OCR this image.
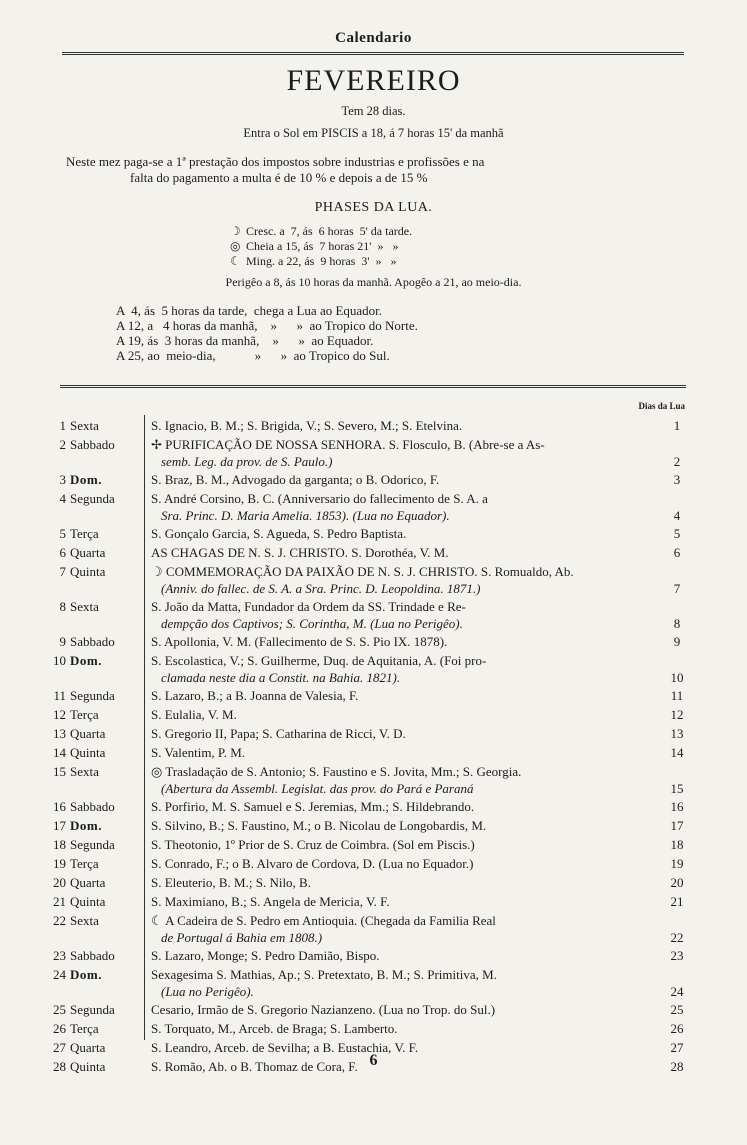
Calendario
FEVEREIRO
Tem 28 dias.
Entra o Sol em PISCIS a 18, á 7 horas 15' da manhã
Neste mez paga-se a 1ª prestação dos impostos sobre industrias e profissões e na
falta do pagamento a multa é de 10 % e depois a de 15 %
PHASES DA LUA.
☽ Cresc. a  7, ás  6 horas  5' da tarde.
◎ Cheia a 15, ás  7 horas 21'  »   »
☾ Ming. a 22, ás  9 horas  3'  »   »
Perigêo a 8, ás 10 horas da manhã. Apogêo a 21, ao meio-dia.
A  4, ás  5 horas da tarde,  chega a Lua ao Equador.
A 12, a   4 horas da manhã,    »      »  ao Tropico do Norte.
A 19, ás  3 horas da manhã,    »      »  ao Equador.
A 25, ao  meio-dia,            »      »  ao Tropico do Sul.
Dias da Lua
1 Sexta	S. Ignacio, B. M.; S. Brigida, V.; S. Severo, M.; S. Etelvina.	1
2 Sabbado	✢ PURIFICAÇÃO DE NOSSA SENHORA. S. Flosculo, B. (Abre-se a As-
semb. Leg. da prov. de S. Paulo.)	2
3 Dom.	S. Braz, B. M., Advogado da garganta; o B. Odorico, F.	3
4 Segunda	S. André Corsino, B. C. (Anniversario do fallecimento de S. A. a
Sra. Princ. D. Maria Amelia. 1853). (Lua no Equador).	4
5 Terça	S. Gonçalo Garcia, S. Agueda, S. Pedro Baptista.	5
6 Quarta	AS CHAGAS DE N. S. J. CHRISTO. S. Dorothéa, V. M.	6
7 Quinta	☽ COMMEMORAÇÃO DA PAIXÃO DE N. S. J. CHRISTO. S. Romualdo, Ab.
(Anniv. do fallec. de S. A. a Sra. Princ. D. Leopoldina. 1871.)	7
8 Sexta	S. João da Matta, Fundador da Ordem da SS. Trindade e Re-
dempção dos Captivos; S. Corintha, M. (Lua no Perigêo).	8
9 Sabbado	S. Apollonia, V. M. (Fallecimento de S. S. Pio IX. 1878).	9
10 Dom.	S. Escolastica, V.; S. Guilherme, Duq. de Aquitania, A. (Foi pro-
clamada neste dia a Constit. na Bahia. 1821).	10
11 Segunda	S. Lazaro, B.; a B. Joanna de Valesia, F.	11
12 Terça	S. Eulalia, V. M.	12
13 Quarta	S. Gregorio II, Papa; S. Catharina de Ricci, V. D.	13
14 Quinta	S. Valentim, P. M.	14
15 Sexta	◎ Trasladação de S. Antonio; S. Faustino e S. Jovita, Mm.; S. Georgia.
(Abertura da Assembl. Legislat. das prov. do Pará e Paraná	15
16 Sabbado	S. Porfirio, M. S. Samuel e S. Jeremias, Mm.; S. Hildebrando.	16
17 Dom.	S. Silvino, B.; S. Faustino, M.; o B. Nicolau de Longobardis, M.	17
18 Segunda	S. Theotonio, 1º Prior de S. Cruz de Coimbra. (Sol em Piscis.)	18
19 Terça	S. Conrado, F.; o B. Alvaro de Cordova, D. (Lua no Equador.)	19
20 Quarta	S. Eleuterio, B. M.; S. Nilo, B.	20
21 Quinta	S. Maximiano, B.; S. Angela de Mericia, V. F.	21
22 Sexta	☾ A Cadeira de S. Pedro em Antioquia. (Chegada da Familia Real
de Portugal á Bahia em 1808.)	22
23 Sabbado	S. Lazaro, Monge; S. Pedro Damião, Bispo.	23
24 Dom.	Sexagesima S. Mathias, Ap.; S. Pretextato, B. M.; S. Primitiva, M.
(Lua no Perigêo).	24
25 Segunda	Cesario, Irmão de S. Gregorio Nazianzeno. (Lua no Trop. do Sul.)	25
26 Terça	S. Torquato, M., Arceb. de Braga; S. Lamberto.	26
27 Quarta	S. Leandro, Arceb. de Sevilha; a B. Eustachia, V. F.	27
28 Quinta	S. Romão, Ab. o B. Thomaz de Cora, F.	28
6
